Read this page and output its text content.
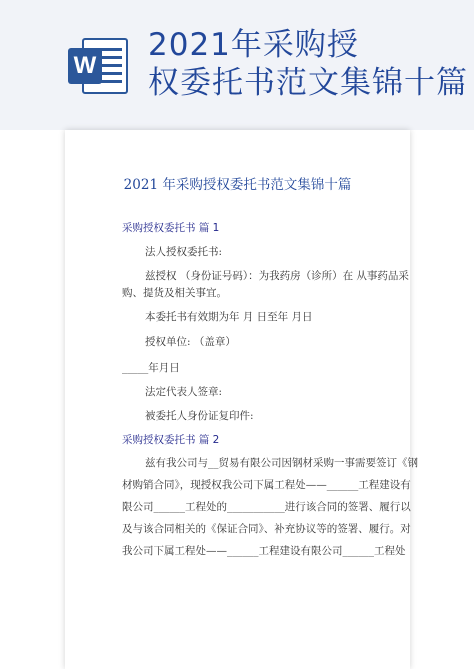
W
2021年采购授
权委托书范文集锦十篇
2021 年采购授权委托书范文集锦十篇
采购授权委托书 篇 1
法人授权委托书:
兹授权 （身份证号码）：为我药房（诊所）在 从事药品采
购、提货及相关事宜。
本委托书有效期为年 月 日至年 月日
授权单位: （盖章）
_____年月日
法定代表人签章:
被委托人身份证复印件:
采购授权委托书 篇 2
兹有我公司与__贸易有限公司因钢材采购一事需要签订《钢
材购销合同》，现授权我公司下属工程处——______工程建设有
限公司______工程处的___________进行该合同的签署、履行以
及与该合同相关的《保证合同》、补充协议等的签署、履行。对
我公司下属工程处——______工程建设有限公司______工程处
